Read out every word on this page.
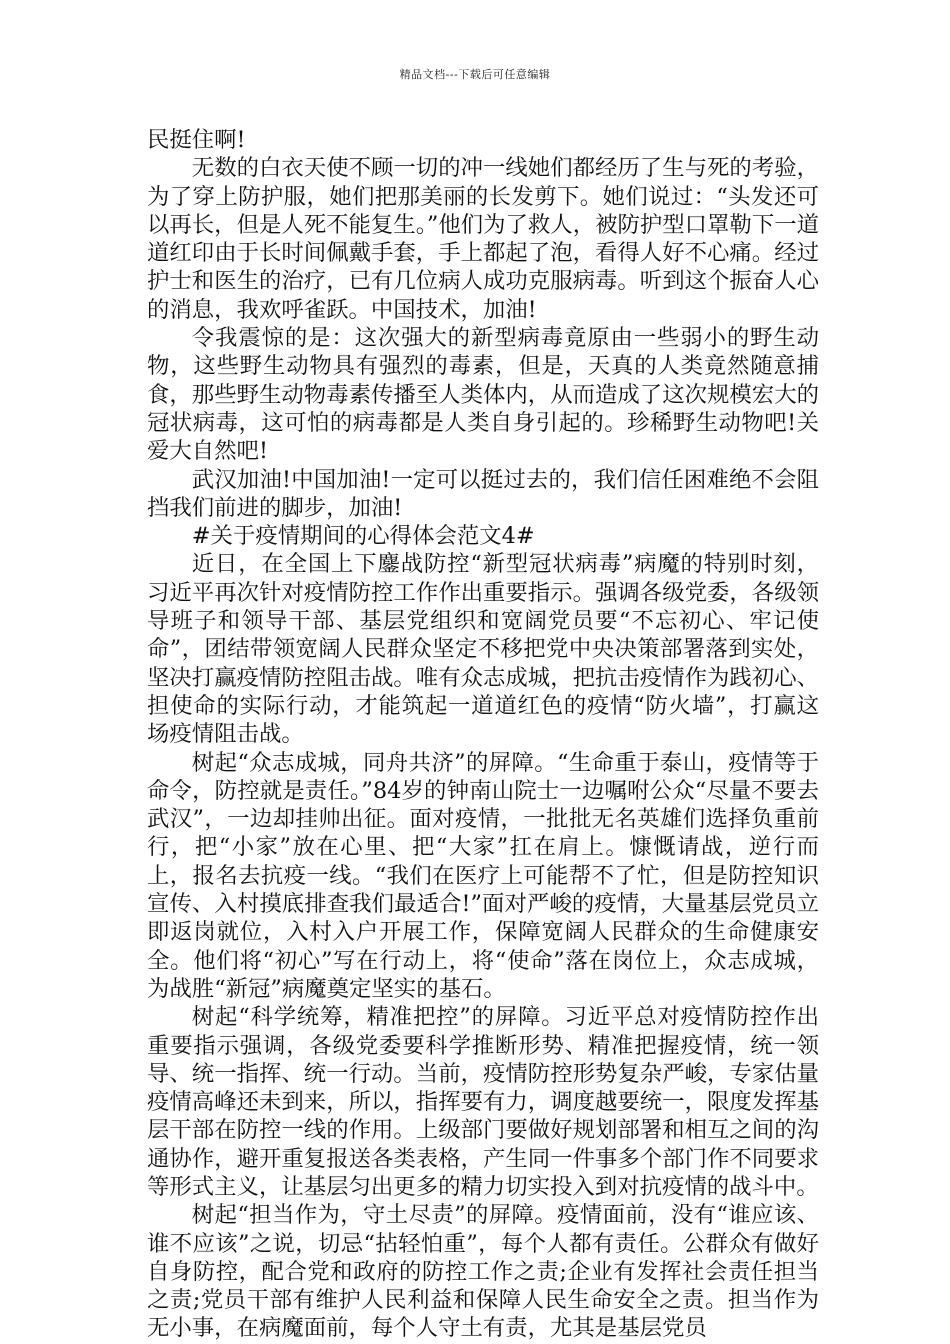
精品文档---下载后可任意编辑

民挺住啊!

无数的白衣天使不顾一切的冲一线她们都经历了生与死的考验，为了穿上防护服，她们把那美丽的长发剪下。她们说过：“头发还可以再长，但是人死不能复生。”他们为了救人，被防护型口罩勒下一道道红印由于长时间佩戴手套，手上都起了泡，看得人好不心痛。经过护士和医生的治疗，已有几位病人成功克服病毒。听到这个振奋人心的消息，我欢呼雀跃。中国技术，加油!

令我震惊的是：这次强大的新型病毒竟原由一些弱小的野生动物，这些野生动物具有强烈的毒素，但是，天真的人类竟然随意捕食，那些野生动物毒素传播至人类体内，从而造成了这次规模宏大的冠状病毒，这可怕的病毒都是人类自身引起的。珍稀野生动物吧!关爱大自然吧!

武汉加油!中国加油!一定可以挺过去的，我们信任困难绝不会阻挡我们前进的脚步，加油!

#关于疫情期间的心得体会范文4#

近日，在全国上下鏖战防控“新型冠状病毒”病魔的特别时刻，习近平再次针对疫情防控工作作出重要指示。强调各级党委，各级领导班子和领导干部、基层党组织和宽阔党员要“不忘初心、牢记使命”，团结带领宽阔人民群众坚定不移把党中央决策部署落到实处，坚决打赢疫情防控阻击战。唯有众志成城，把抗击疫情作为践初心、担使命的实际行动，才能筑起一道道红色的疫情“防火墙”，打赢这场疫情阻击战。

树起“众志成城，同舟共济”的屏障。“生命重于泰山，疫情等于命令，防控就是责任。”84岁的钟南山院士一边嘱咐公众“尽量不要去武汉”，一边却挂帅出征。面对疫情，一批批无名英雄们选择负重前行，把“小家”放在心里、把“大家”扛在肩上。慷慨请战，逆行而上，报名去抗疫一线。“我们在医疗上可能帮不了忙，但是防控知识宣传、入村摸底排查我们最适合!”面对严峻的疫情，大量基层党员立即返岗就位，入村入户开展工作，保障宽阔人民群众的生命健康安全。他们将“初心”写在行动上，将“使命”落在岗位上，众志成城，为战胜“新冠”病魔奠定坚实的基石。

树起“科学统筹，精准把控”的屏障。习近平总对疫情防控作出重要指示强调，各级党委要科学推断形势、精准把握疫情，统一领导、统一指挥、统一行动。当前，疫情防控形势复杂严峻，专家估量疫情高峰还未到来，所以，指挥要有力，调度越要统一，限度发挥基层干部在防控一线的作用。上级部门要做好规划部署和相互之间的沟通协作，避开重复报送各类表格，产生同一件事多个部门作不同要求等形式主义，让基层匀出更多的精力切实投入到对抗疫情的战斗中。

树起“担当作为，守土尽责”的屏障。疫情面前，没有“谁应该、谁不应该”之说，切忌“拈轻怕重”，每个人都有责任。公群众有做好自身防控，配合党和政府的防控工作之责;企业有发挥社会责任担当之责;党员干部有维护人民利益和保障人民生命安全之责。担当作为无小事，在病魔面前，每个人守土有责，尤其是基层党员
